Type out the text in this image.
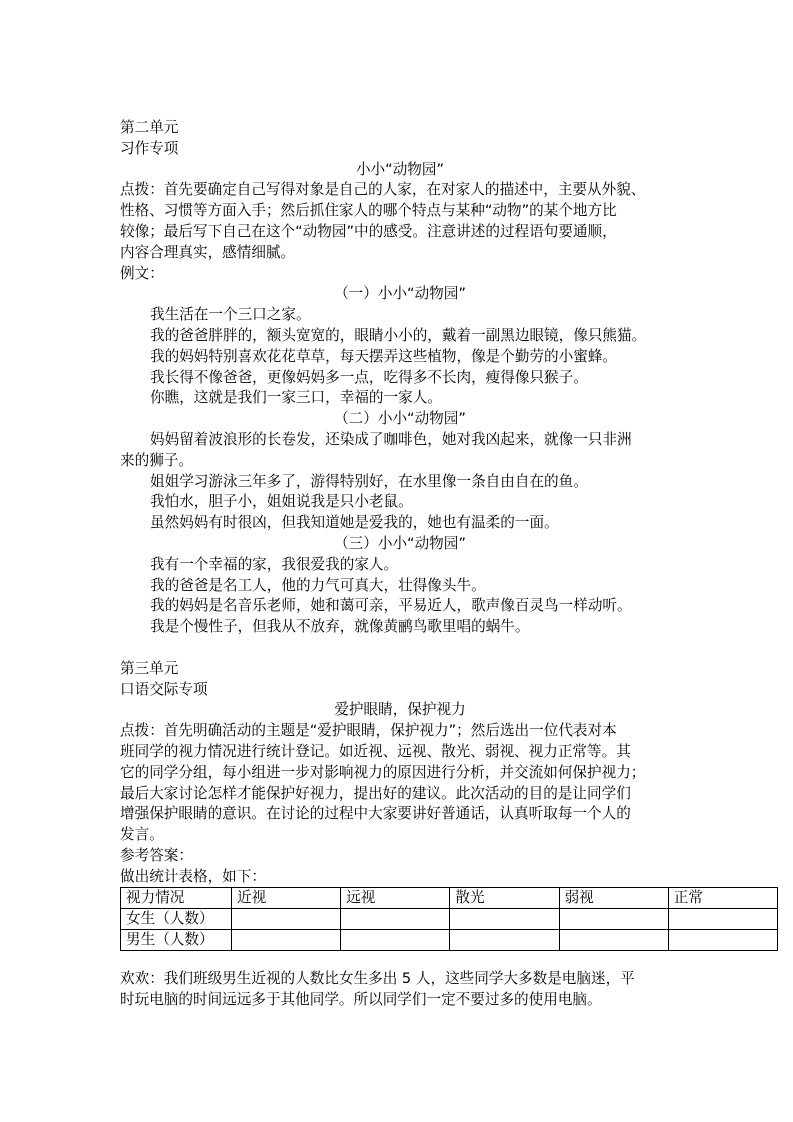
第二单元
习作专项
小小“动物园”
点拨：首先要确定自己写得对象是自己的人家，在对家人的描述中，主要从外貌、
性格、习惯等方面入手；然后抓住家人的哪个特点与某种“动物”的某个地方比
较像；最后写下自己在这个“动物园”中的感受。注意讲述的过程语句要通顺，
内容合理真实，感情细腻。
例文：
（一）小小“动物园”
我生活在一个三口之家。
我的爸爸胖胖的，额头宽宽的，眼睛小小的，戴着一副黑边眼镜，像只熊猫。
我的妈妈特别喜欢花花草草，每天摆弄这些植物，像是个勤劳的小蜜蜂。
我长得不像爸爸，更像妈妈多一点，吃得多不长肉，瘦得像只猴子。
你瞧，这就是我们一家三口，幸福的一家人。
（二）小小“动物园”
妈妈留着波浪形的长卷发，还染成了咖啡色，她对我凶起来，就像一只非洲
来的狮子。
姐姐学习游泳三年多了，游得特别好，在水里像一条自由自在的鱼。
我怕水，胆子小，姐姐说我是只小老鼠。
虽然妈妈有时很凶，但我知道她是爱我的，她也有温柔的一面。
（三）小小“动物园”
我有一个幸福的家，我很爱我的家人。
我的爸爸是名工人，他的力气可真大，壮得像头牛。
我的妈妈是名音乐老师，她和蔼可亲，平易近人，歌声像百灵鸟一样动听。
我是个慢性子，但我从不放弃，就像黄鹂鸟歌里唱的蜗牛。
第三单元
口语交际专项
爱护眼睛，保护视力
点拨：首先明确活动的主题是“爱护眼睛，保护视力”；然后选出一位代表对本
班同学的视力情况进行统计登记。如近视、远视、散光、弱视、视力正常等。其
它的同学分组，每小组进一步对影响视力的原因进行分析，并交流如何保护视力；
最后大家讨论怎样才能保护好视力，提出好的建议。此次活动的目的是让同学们
增强保护眼睛的意识。在讨论的过程中大家要讲好普通话，认真听取每一个人的
发言。
参考答案：
做出统计表格，如下：
视力情况	近视	远视	散光	弱视	正常
女生（人数）					
男生（人数）					
欢欢：我们班级男生近视的人数比女生多出 5 人，这些同学大多数是电脑迷，平
时玩电脑的时间远远多于其他同学。所以同学们一定不要过多的使用电脑。
